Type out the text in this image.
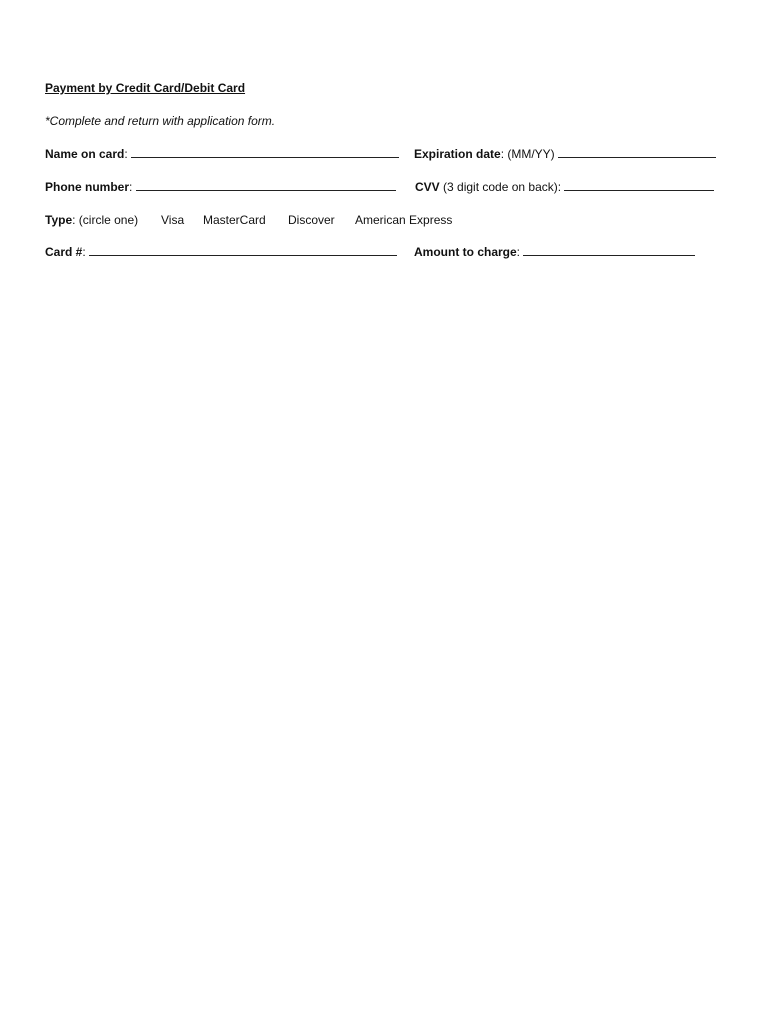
Payment by Credit Card/Debit Card
*Complete and return with application form.
Name on card:	Expiration date: (MM/YY)
Phone number:	CVV (3 digit code on back):
Type: (circle one) Visa MasterCard Discover American Express
Card #:	Amount to charge:
